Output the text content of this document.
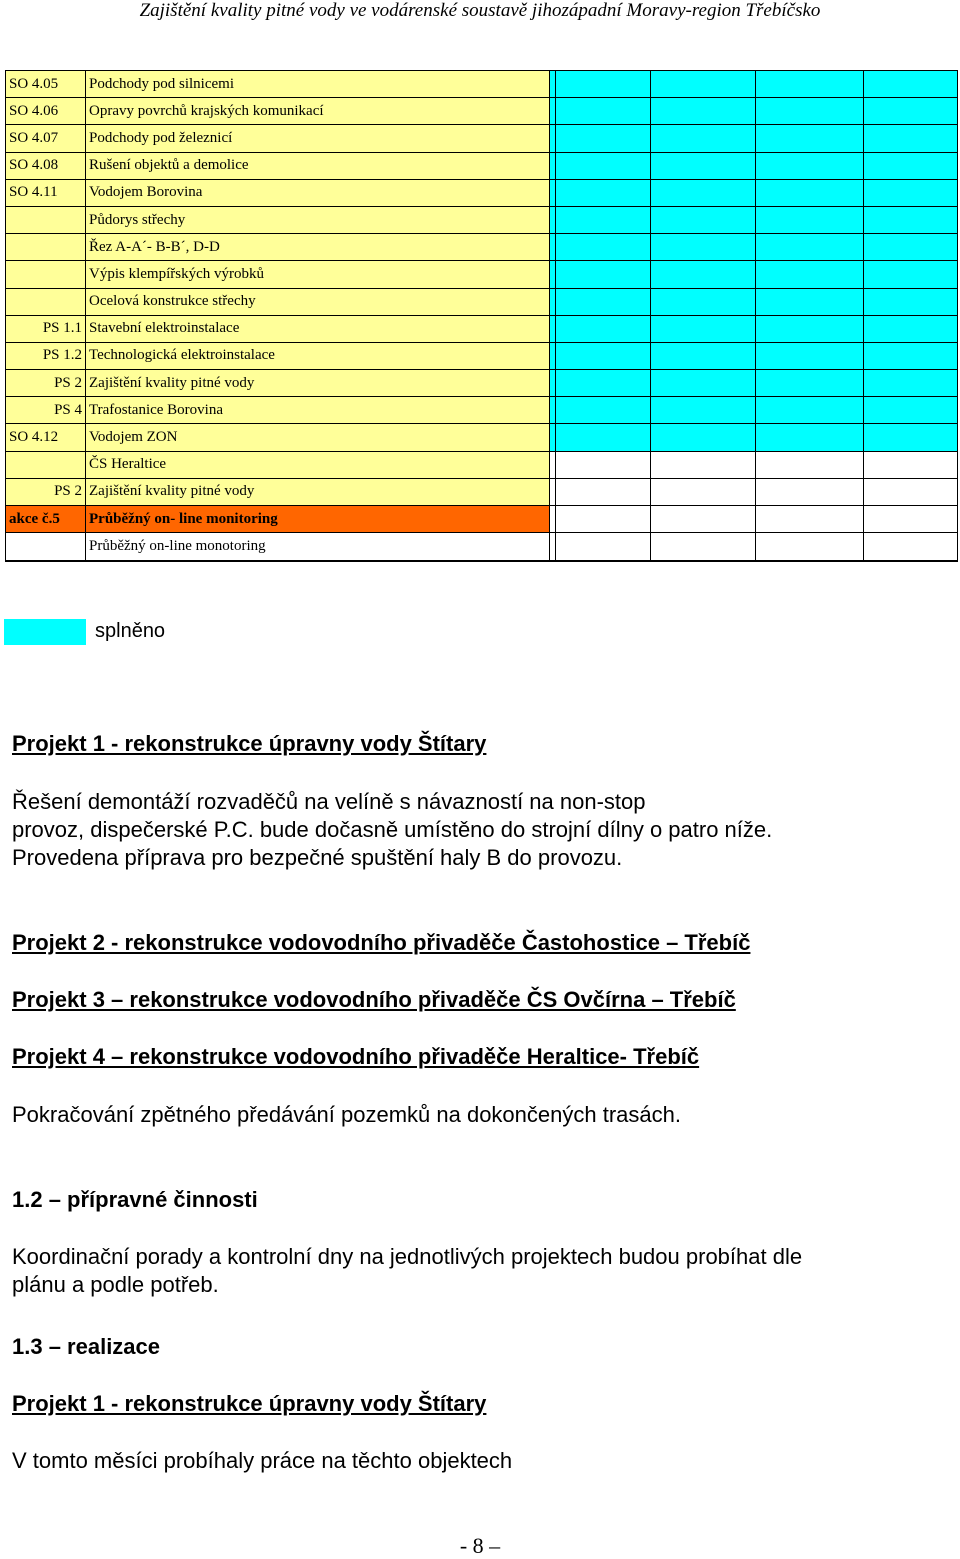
Zajištění kvality pitné vody ve vodárenské soustavě jihozápadní Moravy-region Třebíčsko
SO 4.05	Podchody pod silnicemi						
SO 4.06	Opravy povrchů krajských komunikací						
SO 4.07	Podchody pod železnicí						
SO 4.08	Rušení objektů a demolice						
SO 4.11	Vodojem Borovina						
	Půdorys střechy						
	Řez A-A´- B-B´, D-D						
	Výpis klempířských výrobků						
	Ocelová konstrukce střechy						
PS 1.1	Stavební elektroinstalace						
PS 1.2	Technologická elektroinstalace						
PS 2	Zajištění kvality pitné vody						
PS 4	Trafostanice Borovina						
SO 4.12	Vodojem ZON						
	ČS Heraltice						
PS 2	Zajištění kvality pitné vody						
akce č.5	Průběžný on- line monitoring						
	Průběžný on-line monotoring						
splněno
Projekt 1 - rekonstrukce úpravny vody Štítary
Řešení demontáží rozvaděčů na velíně s návazností na non-stop
provoz, dispečerské P.C. bude dočasně umístěno do strojní dílny o patro níže.
Provedena příprava pro bezpečné spuštění haly B do provozu.
Projekt 2 - rekonstrukce vodovodního přivaděče Častohostice – Třebíč
Projekt 3 – rekonstrukce vodovodního přivaděče ČS Ovčírna – Třebíč
Projekt 4 – rekonstrukce vodovodního přivaděče Heraltice- Třebíč
Pokračování zpětného předávání pozemků na dokončených trasách.
1.2 – přípravné činnosti
Koordinační porady a kontrolní dny na jednotlivých projektech budou probíhat dle
plánu a podle potřeb.
1.3 – realizace
Projekt 1 - rekonstrukce úpravny vody Štítary
V tomto měsíci probíhaly práce na těchto objektech
- 8 –
